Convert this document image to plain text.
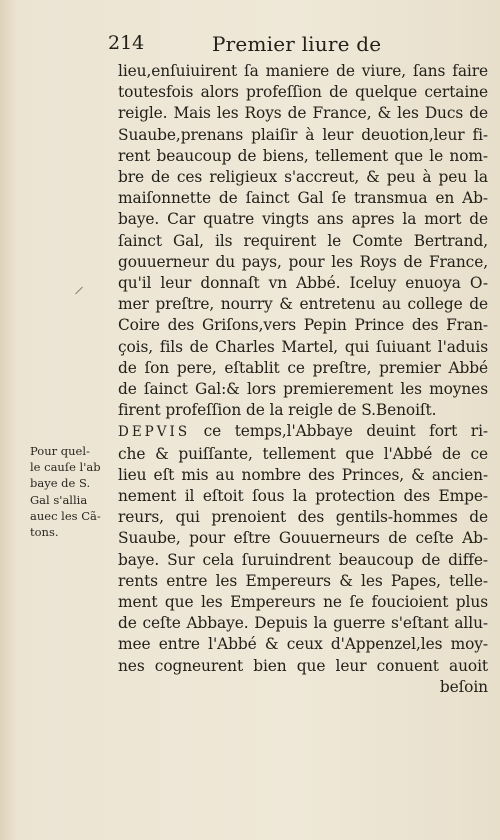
214	Premier liure de
lieu,enſuiuirent ſa maniere de viure, ſans faire
toutesfois alors profeſſion de quelque certaine
reigle. Mais les Roys de France, & les Ducs de
Suaube,prenans plaiſir à leur deuotion,leur fi-
rent beaucoup de biens, tellement que le nom-
bre de ces religieux s'accreut, & peu à peu la
maiſonnette de ſainct Gal ſe transmua en Ab-
baye. Car quatre vingts ans apres la mort de
ſainct Gal, ils requirent le Comte Bertrand,
gouuerneur du pays, pour les Roys de France,
qu'il leur donnaſt vn Abbé. Iceluy enuoya O-
mer preſtre, nourry & entretenu au college de
Coire des Griſons,vers Pepin Prince des Fran-
çois, fils de Charles Martel, qui ſuiuant l'aduis
de ſon pere, eſtablit ce preſtre, premier Abbé
de ſainct Gal:& lors premierement les moynes
firent profeſſion de la reigle de S.Benoiſt.
DEPVIS ce temps,l'Abbaye deuint fort ri-
che & puiſſante, tellement que l'Abbé de ce
lieu eſt mis au nombre des Princes, & ancien-
nement il eſtoit ſous la protection des Empe-
reurs, qui prenoient des gentils-hommes de
Suaube, pour eſtre Gouuerneurs de ceſte Ab-
baye. Sur cela ſuruindrent beaucoup de diffe-
rents entre les Empereurs & les Papes, telle-
ment que les Empereurs ne ſe foucioient plus
de ceſte Abbaye. Depuis la guerre s'eſtant allu-
mee entre l'Abbé & ceux d'Appenzel,les moy-
nes cogneurent bien que leur conuent auoit
beſoin
Pour quel-
le cauſe l'ab
baye de S.
Gal s'allia
auec les Cã-
tons.
